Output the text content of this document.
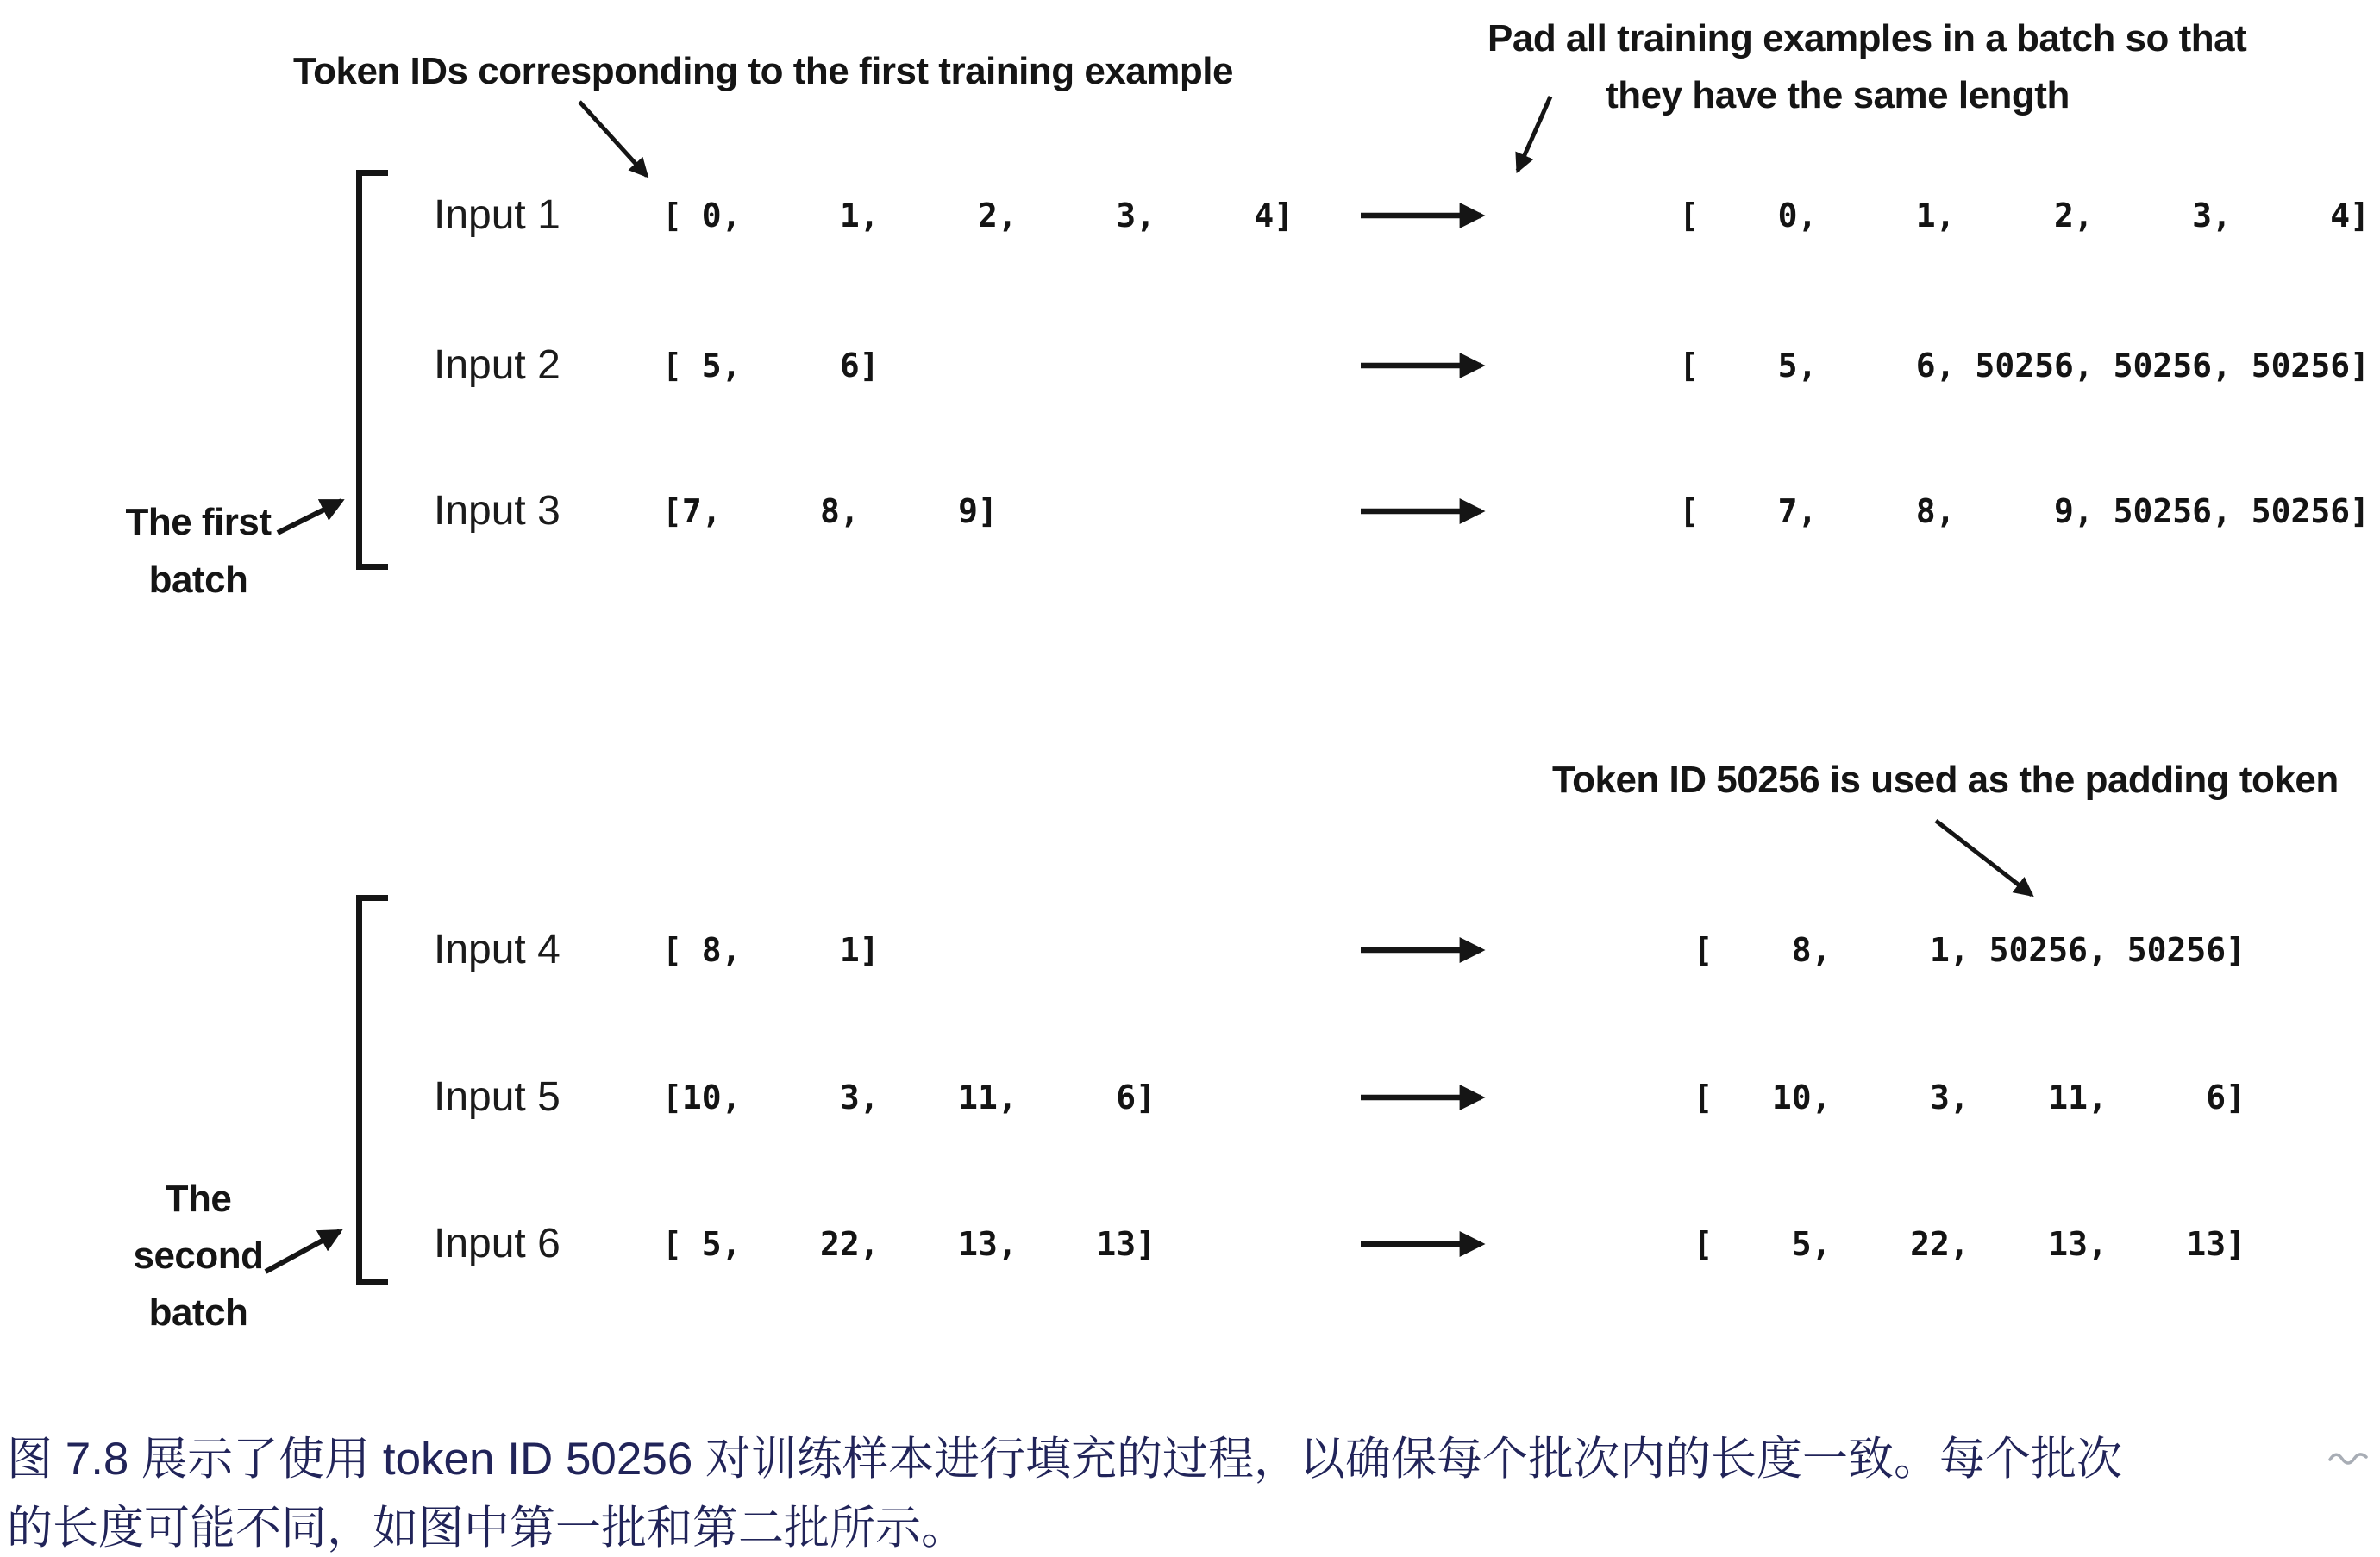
Token IDs corresponding to the first training example
Pad all training examples in a batch so that
they have the same length
Token ID 50256 is used as the padding token
The first
batch
The
second
batch
Input 1	[ 0,     1,     2,     3,     4]	[    0,     1,     2,     3,     4]
Input 2	[ 5,     6]	[    5,     6, 50256, 50256, 50256]
Input 3	[7,     8,     9]	[    7,     8,     9, 50256, 50256]
Input 4	[ 8,     1]	[    8,     1, 50256, 50256]
Input 5	[10,     3,    11,     6]	[   10,     3,    11,     6]
Input 6	[ 5,    22,    13,    13]	[    5,    22,    13,    13]
图 7.8 展示了使用 token ID 50256 对训练样本进行填充的过程，以确保每个批次内的长度一致。每个批次
的长度可能不同，如图中第一批和第二批所示。
